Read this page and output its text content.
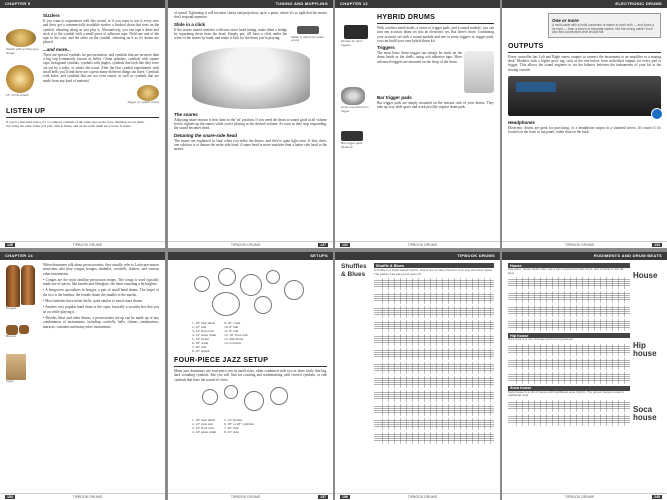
CHAPTER 9
Splash with a china-type design
16" China splash
Sizzlers
If you want to experiment with this sound, or if you want to use it every now and then, get a commercially available sizzler: a hooked chain that rests on the cymbal, vibrating along as you play it. Alternatively, you can tape a dime and stick it to the cymbal with a small piece of adhesive tape. Hold one end of the tape to the coin, and the other on the cymbal, vibrating on it as it's drums are played.
...and more...
There are special cymbals for percussionists, and cymbals that are no more than a big cup (commonly known as bells). China splashes, cymbals with square caps, hexagonal cymbals, cymbals with jingles, cymbals that look like they were cut out by a robot, or what's the worst. After the first cymbal experiments with small bells you'll find there are a great many different things out there. Cymbals with holes, and cymbals that are not even round, as well as cymbals that are made from any kind of material.
Rigger (c) splash China
LISTEN UP
If you'd a first-time buyer, try to compare cymbals of the same type at the store, listening across them.
Try using the same sticks you play with at home, and on the same drum kit you use at home.
126	TIPBOOK DRUMS
TUNING AND MUFFLING
of sound. Tightening it will increase clarity and projection; up to a point, where it's so tight that the snares don't respond anymore.
Slide in a click
If the snares muted interfere with tone since head tuning, make them a bridge by separating them from the head. Simply put, it'll have a click under the wires of the snares by hand, and make it look for the drum you're playing.	Mallet to damp the snare sound
The snares
Adjusting snare tension is best done in the 'on' position. If you need the drum to sound good at all volume levels, tighten up the snares while you're playing at the desired volume. As soon as they stop responding, the sound becomes dead.
Detuning the snare-side head
The snares are explained in 'ring' when you strike the drums, and they're quite tight once. If they don't, one solution is to detune the snare side head. A snare head is more sensitive than a batter side head to the snares.
TIPBOOK DRUMS	127
CHAPTER 12
Module for drum triggers
Hoop-mounted drum trigger
Bar trigger pads (Roland)
HYBRID DRUMS
With wireless mesh heads, a series of trigger pads, and a sound module, you can turn any acoustic drum set into an electronic set. But there's more. Combining your acoustic set with a sound module and one or more triggers or trigger pads, you can build your own hybrid drum kit.
Triggers
The most basic drum trigger can simply be stuck on the drum heads or the shells, using soft adhesive tape. More advanced triggers are mounted on the hoop of the drum.
Bar trigger pads
Bar trigger pads are simply mounted on the tension rods of your drums. They take up very little space and work just like regular drum pads.
132	TIPBOOK DRUMS
ELECTRONIC DRUMS
One or more
A multi-cable with a multi-connector is easier to work with — and looks a lot nicer — than a bunch of separate cables. Not the wrong cable! You'll also find connections that should fail.
OUTPUTS
Every controller has Left and Right stereo outputs to connect the instrument to an amplifier or a mixing desk. Modules with a higher price tag, such as the one below, have individual outputs for every pad or trigger. This allows the sound engineer to set the balance between the instruments of your kit at the mixing console.
Headphones
Electronic drums are great for practicing, or a headphone output in a standard stereo. It's easier if it's located on the front or top panel, rather than on the back.
TIPBOOK DRUMS	133
CHAPTER 14
Congas
Bongos
Cajon
When drummers talk about percussionists, they usually refer to Latin percussion musicians who play congas, bongos, timbales, cowbells, shakers, and various other instruments.
• Congas are the most familiar percussion setups. The conga is used typically made use of staves, like barrels and fiberglass, the latter sounding a bit brighter.
• A bongocero specializes in bongos, a pair of small hand drums. The larger of the two is the hembra: the female drum; the smaller is the macho.
• Most timbales have metal shells, quite similar to metal snare drums.
• Another very popular hand drum is the cajon, basically a wooden box that you sit on while playing it.
• Besides these and other drums, a percussionist set-up can be made up of any combination of instruments, including cowbells, bells, chimes, tambourines, maracas, castanets and many other instruments.
154	TIPBOOK DRUMS
SETUPS
1. 18" bass drum
2. 12" tom
3. 14" floor tom
4. 14" snare drum
5. 14" hi-hat
6. 18" crash
7. 20" ride
8. 10" splash
9. 16" crash
10. 6" bell
11. 8" tom
12. 16" floor tom
13. Jam block
14. Cowbell
FOUR-PIECE JAZZ SETUP
Many jazz drummers use four-piece sets in small sizes, often combined with two or three fairly thin big, dark sounding cymbals. But you will find for crashing and trademarking with riveted cymbals, or ride cymbals that have the sound of rivets.
1. 18" bass drum
2. 12" rack tom
3. 14" floor tom
4. 14" snare drum
5. 14" hi-hats
6. 18" or 20" cymbals
7. 20" ride
8. 22" ride
TIPBOOK DRUMS	157
TIPBOOK DRUMS
Shuffles & Blues
Shuffle & Blues
A shuffle is a triplet-based rhythm, and is one of many found in rock, pop and other styles. The pattern has swing and goes off.
196	TIPBOOK DRUMS
RUDIMENTS AND DRUM BEATS
House
Like disco, house beats often use a four-on-the-floor bass drum, and a hi-hat on the off-beat.
Hip house
Hip house is a mix of house and hip hop grooves.
Soca house
Soca house is a mix of house with Caribbean soca rhythm. The groove below is used in traditional soca.
House
Hip house
Soca house
TIPBOOK DRUMS	245
